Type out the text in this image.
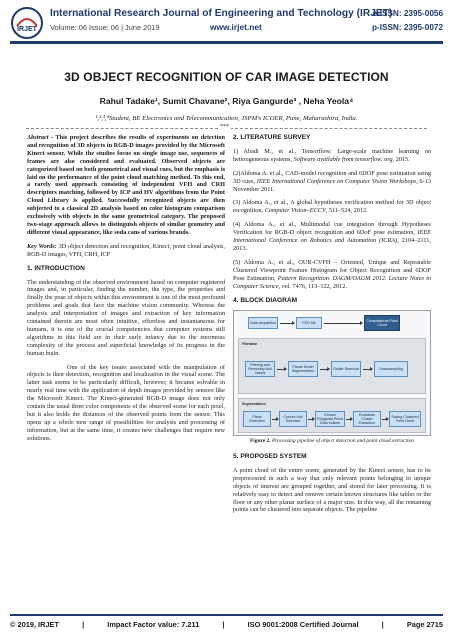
IRJET
International Research Journal of Engineering and Technology (IRJET)
Volume: 06 Issue: 06 | June 2019	www.irjet.net
e-ISSN: 2395-0056
p-ISSN: 2395-0072
3D OBJECT RECOGNITION OF CAR IMAGE DETECTION
Rahul Tadake¹, Sumit Chavane², Riya Gangurde³ , Neha Yeola⁴
¹,²,³,⁴Student, BE Electronics and Telecommunication, JSPM's ICOER, Pune, Maharashtra, India.
***

Abstract - This project describes the results of experiments on detection and recognition of 3D objects in RGB-D images provided by the Microsoft Kinect sensor. While the studies focus on single image use, sequences of frames are also considered and evaluated. Observed objects are categorized based on both geometrical and visual cues, but the emphasis is laid on the performance of the point cloud matching method. To this end, a rarely used approach consisting of independent VFH and CRH descriptors matching, followed by ICP and HV algorithms from the Point Cloud Library is applied. Successfully recognized objects are then subjected to a classical 2D analysis based on color histogram comparison exclusively with objects in the same geometrical category. The proposed two-stage approach allows to distinguish objects of similar geometry and different visual appearance, like soda cans of various brands.

Key Words: 3D object detection and recognition, Kinect, point cloud analysis, RGB-D images, VFH, CRH, ICP

1. INTRODUCTION

The understanding of the observed environment based on computer registered images and, in particular, finding the number, the type, the properties and finally the pose of objects within this environment is one of the most profound problems and goals that face the machine vision community. Whereas the analysis and interpretation of images and extraction of key information contained therein are most often intuitive, effortless and instantaneous for humans, it is one of the crucial competencies that computer systems still algorithms in this field are in their early infancy due to the enormous complexity of the process and superficial knowledge of its progress in the human brain.

One of the key issues associated with the manipulation of objects is their detection, recognition and localization in the visual scene. The latter task seems to be particularly difficult, however, it became solvable in nearly real time with the application of depth images provided by sensors like the Microsoft Kinect. The Kinect-generated RGB-D image does not only contain the usual three color components of the observed scene for each pixel, but it also holds the distances of the observed points from the sensor. This opens up a whole new range of possibilities for analysis and processing of information, but at the same time, it creates new challenges that require new solutions.

2. LITERATURE SURVEY

1) Abadi M., et al., Tensorflow: Large-scale machine learning on heterogeneous systems, Software available from tensorflow. org, 2015.

(2)Aldoma A. et al., CAD-model recognition and 6DOF pose estimation using 3D cues, IEEE International Conference on Computer Vision Workshops, 6-13 November 2011.

(3) Aldoma A., et al., A global hypotheses verification method for 3D object recognition, Computer Vision–ECCV, 511–524, 2012.

(4) Aldoma A., et al., Multimodal cue integration through Hypotheses Verification for RGB-D object recognition and 6DoF pose estimation, IEEE International Conference on Robotics and Automation (ICRA), 2104–2111, 2013.

(5) Aldoma A., et al., OUR-CVFH – Oriented, Unique and Repeatable Clustered Viewpoint Feature Histogram for Object Recognition and 6DOF Pose Estimation, Pattern Recognition. DAGM/OAGM 2012. Lecture Notes in Computer Science, vol. 7476, 113–122, 2012.

4. BLOCK DIAGRAM
Data acquisition	PCD file	Computations Point Cloud
Filtration
Filtering and Removing Null Values
Planar Model Segmentation	Outlier Removal	Downsampling
Segmentation
Plane Detection
Convex Hull Selection
Extract Polygonal Prism Data Indices
Euclidean Cluster Extraction
Saving Clustered Point Cloud
Figure 2. Processing pipeline of object detection and point cloud extraction
5. PROPOSED SYSTEM

A point cloud of the entire scene, generated by the Kinect sensor, has to be preprocessed in such a way that only relevant points belonging to unique objects of interest are grouped together, and stored for later processing. It is relatively easy to detect and remove certain known structures like tables or the floor or any other planar surface of a major size. In this way, all the remaining points can be clustered into separate objects. The pipeline

© 2019, IRJET	|	Impact Factor value: 7.211	|	ISO 9001:2008 Certified Journal	|	Page 2715
